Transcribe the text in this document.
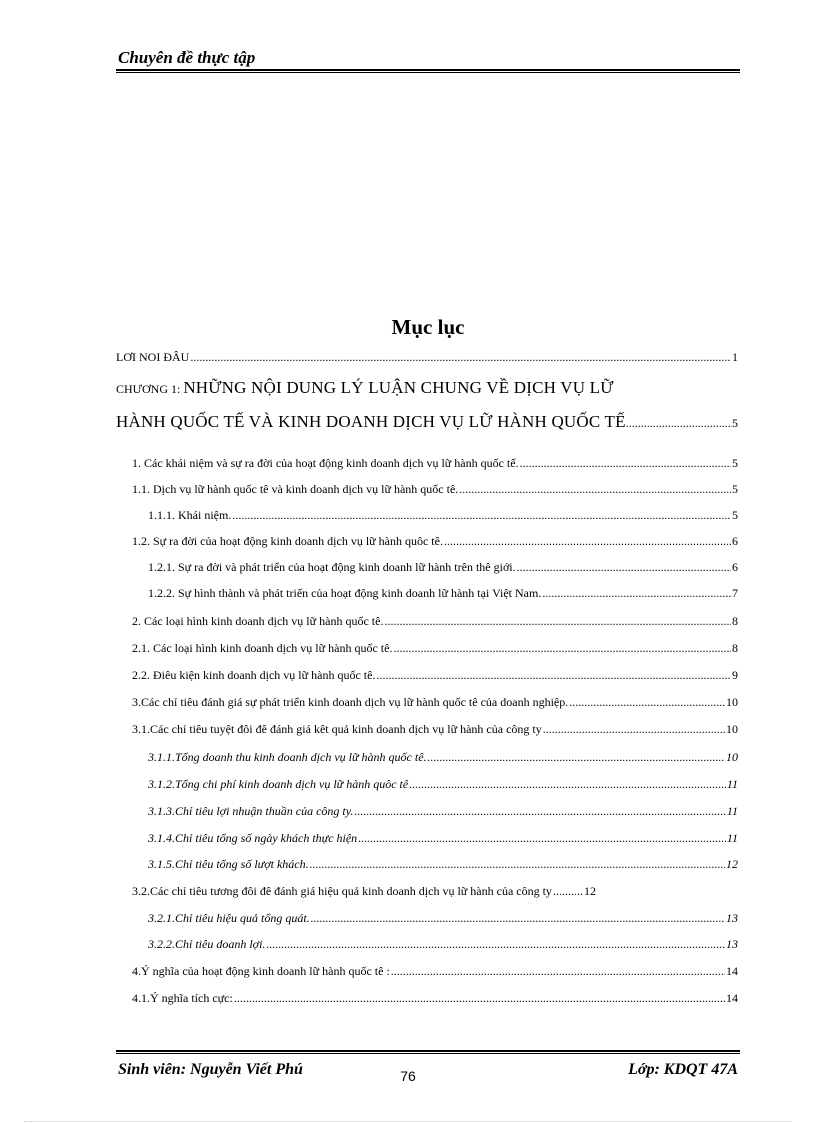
Chuyên đề thực tập
Mục lục
LƠI NOI ĐÂU .....	1
CHƯƠNG 1: NHỮNG NỘI DUNG LÝ LUẬN CHUNG VỀ DỊCH VỤ LỮ
HÀNH QUỐC TẾ VÀ KINH DOANH DỊCH VỤ LỮ HÀNH QUỐC TẾ .....	5
1. Các khái niệm và sự ra đời của hoạt động kinh doanh dịch vụ lữ hành quốc tế. .....	5
1.1. Dịch vụ lữ hành quốc tê và kinh doanh dịch vụ lữ hành quốc tê. .....	5
1.1.1. Khái niệm. .....	5
1.2. Sự ra đời của hoạt động kinh doanh dịch vụ lữ hành quôc tê. .....	6
1.2.1. Sự ra đời và phát triển của hoạt động kinh doanh lữ hành trên thê giới. .....	6
1.2.2. Sự hình thành và phát triển của hoạt động kinh doanh lữ hành tại Việt Nam. .....	7
2. Các loại hình kinh doanh dịch vụ lữ hành quốc tê. .....	8
2.1. Các loại hình kinh doanh dịch vụ lữ hành quốc tê. .....	8
2.2. Điêu kiện kinh doanh dịch vụ lữ hành quốc tê. .....	9
3.Các chỉ tiêu đánh giá sự phát triển kinh doanh dịch vụ lữ hành quốc tê của doanh nghiệp. .....	10
3.1.Các chỉ tiêu tuyệt đôi đê đánh giá kêt quả kinh doanh dịch vụ lữ hành của công ty .....	10
3.1.1.Tổng doanh thu kinh doanh dịch vụ lữ hành quốc tê. .....	10
3.1.2.Tổng chi phí kinh doanh dịch vụ lữ hành quôc tê .....	11
3.1.3.Chỉ tiêu lợi nhuận thuần của công ty. .....	11
3.1.4.Chỉ tiêu tổng số ngày khách thực hiện .....	11
3.1.5.Chỉ tiêu tổng số lượt khách. .....	12
3.2.Các chỉ tiêu tương đôi đê đánh giá hiệu quả kinh doanh dịch vụ lữ hành của công ty .....	12
3.2.1.Chỉ tiêu hiệu quả tổng quát. .....	13
3.2.2.Chỉ tiêu doanh lợi. .....	13
4.Ý nghĩa của hoạt động kinh doanh lữ hành quốc tê : .....	14
4.1.Ý nghĩa tích cực: .....	14
Sinh viên: Nguyễn Viết Phú	Lớp: KDQT 47A
76
